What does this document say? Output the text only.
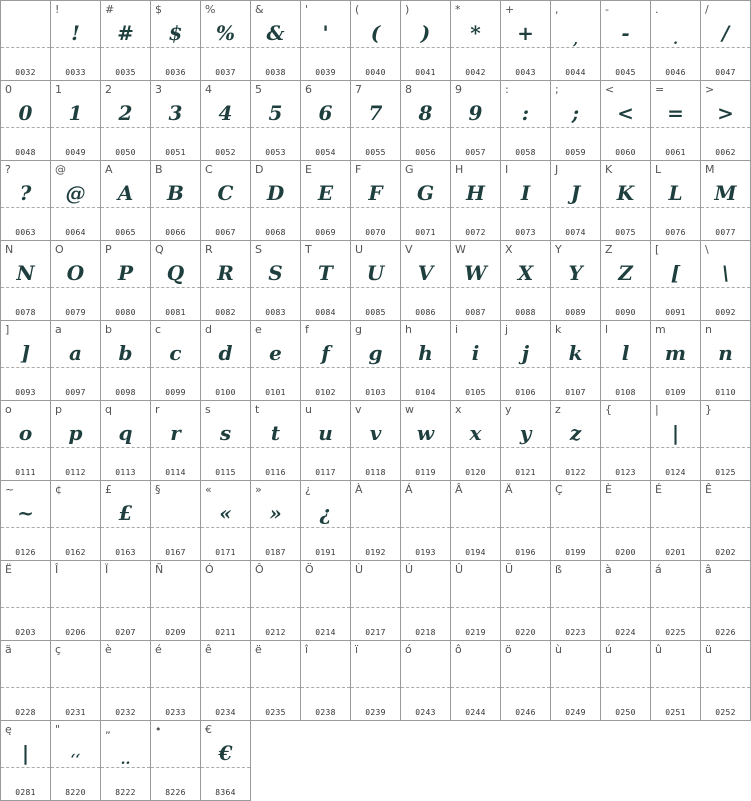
0032
!
!
0033
#
#
0035
$
$
0036
%
%
0037
&
&
0038
'
'
0039
(
(
0040
)
)
0041
*
*
0042
+
+
0043
,
,
0044
-
-
0045
.
.
0046
/
/
0047
0
0
0048
1
1
0049
2
2
0050
3
3
0051
4
4
0052
5
5
0053
6
6
0054
7
7
0055
8
8
0056
9
9
0057
:
:
0058
;
;
0059
<
<
0060
=
=
0061
>
>
0062
?
?
0063
@
@
0064
A
A
0065
B
B
0066
C
C
0067
D
D
0068
E
E
0069
F
F
0070
G
G
0071
H
H
0072
I
I
0073
J
J
0074
K
K
0075
L
L
0076
M
M
0077
N
N
0078
O
O
0079
P
P
0080
Q
Q
0081
R
R
0082
S
S
0083
T
T
0084
U
U
0085
V
V
0086
W
W
0087
X
X
0088
Y
Y
0089
Z
Z
0090
[
[
0091
\
\
0092
]
]
0093
a
a
0097
b
b
0098
c
c
0099
d
d
0100
e
e
0101
f
f
0102
g
g
0103
h
h
0104
i
i
0105
j
j
0106
k
k
0107
l
l
0108
m
m
0109
n
n
0110
o
o
0111
p
p
0112
q
q
0113
r
r
0114
s
s
0115
t
t
0116
u
u
0117
v
v
0118
w
w
0119
x
x
0120
y
y
0121
z
z
0122
{
0123
|
|
0124
}
0125
~
~
0126
¢
0162
£
£
0163
§
0167
«
«
0171
»
»
0187
¿
¿
0191
À
0192
Á
0193
Â
0194
Ä
0196
Ç
0199
È
0200
É
0201
Ê
0202
Ë
0203
Î
0206
Ï
0207
Ñ
0209
Ó
0211
Ô
0212
Ö
0214
Ù
0217
Ú
0218
Û
0219
Ü
0220
ß
0223
à
0224
á
0225
â
0226
ä
0228
ç
0231
è
0232
é
0233
ê
0234
ë
0235
î
0238
ï
0239
ó
0243
ô
0244
ö
0246
ù
0249
ú
0250
û
0251
ü
0252
ę
|
0281
"
‘‘
8220
„
..
8222
•
8226
€
€
8364
